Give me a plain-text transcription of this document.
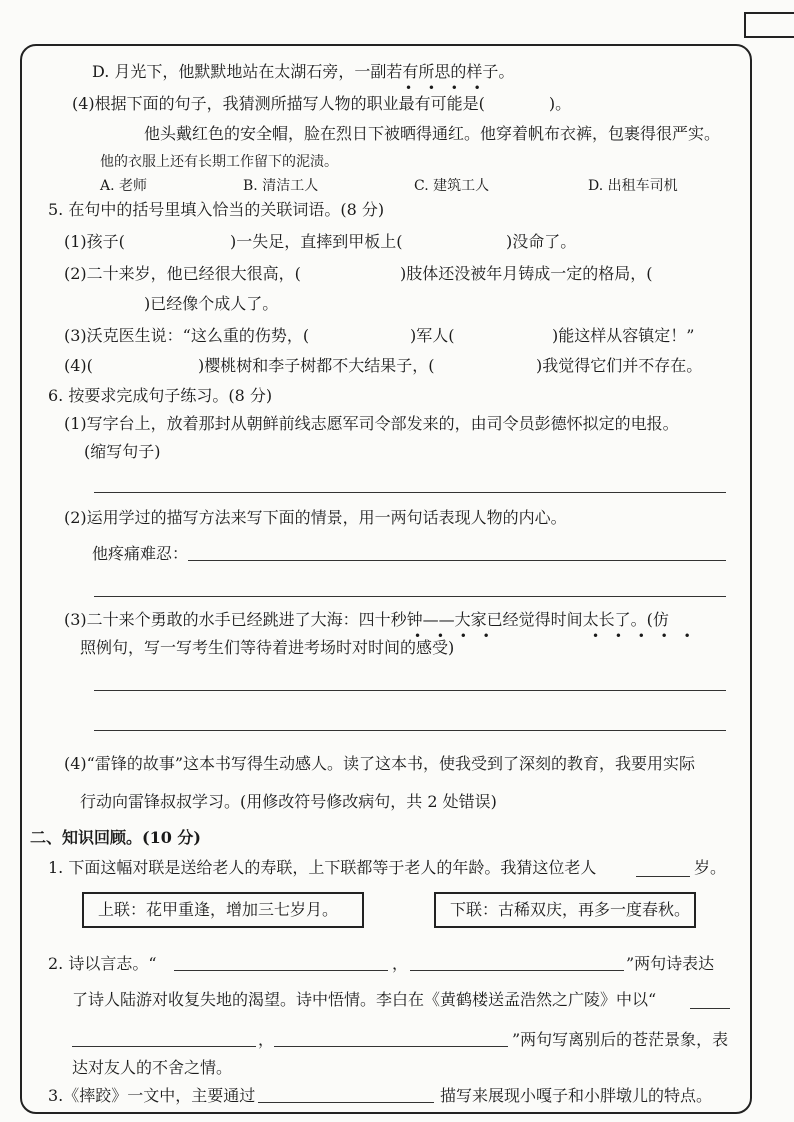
D. 月光下，他默默地站在太湖石旁，一副若有所思的样子。
• • • •
(4)根据下面的句子，我猜测所描写人物的职业最有可能是(　　　　)。
他头戴红色的安全帽，脸在烈日下被晒得通红。他穿着帆布衣裤，包裹得很严实。
他的衣服上还有长期工作留下的泥渍。
A. 老师	B. 清洁工人	C. 建筑工人	D. 出租车司机
5. 在句中的括号里填入恰当的关联词语。(8 分)
(1)孩子(	)一失足，直摔到甲板上(	)没命了。
(2)二十来岁，他已经很大很高，(	)肢体还没被年月铸成一定的格局，(
)已经像个成人了。
(3)沃克医生说：“这么重的伤势，(	)军人(	)能这样从容镇定！”
(4)(	)樱桃树和李子树都不大结果子，(	)我觉得它们并不存在。
6. 按要求完成句子练习。(8 分)
(1)写字台上，放着那封从朝鲜前线志愿军司令部发来的，由司令员彭德怀拟定的电报。
(缩写句子)
(2)运用学过的描写方法来写下面的情景，用一两句话表现人物的内心。
他疼痛难忍：
(3)二十来个勇敢的水手已经跳进了大海：四十秒钟——大家已经觉得时间太长了。(仿
• • • •	• • • • •
照例句，写一写考生们等待着进考场时对时间的感受)
(4)“雷锋的故事”这本书写得生动感人。读了这本书，使我受到了深刻的教育，我要用实际
行动向雷锋叔叔学习。(用修改符号修改病句，共 2 处错误)
二、知识回顾。(10 分)
1. 下面这幅对联是送给老人的寿联，上下联都等于老人的年龄。我猜这位老人	岁。
上联：花甲重逢，增加三七岁月。	下联：古稀双庆，再多一度春秋。
2. 诗以言志。“	，	”两句诗表达
了诗人陆游对收复失地的渴望。诗中悟情。李白在《黄鹤楼送孟浩然之广陵》中以“
，	”两句写离别后的苍茫景象，表
达对友人的不舍之情。
3.《摔跤》一文中，主要通过	描写来展现小嘎子和小胖墩儿的特点。
